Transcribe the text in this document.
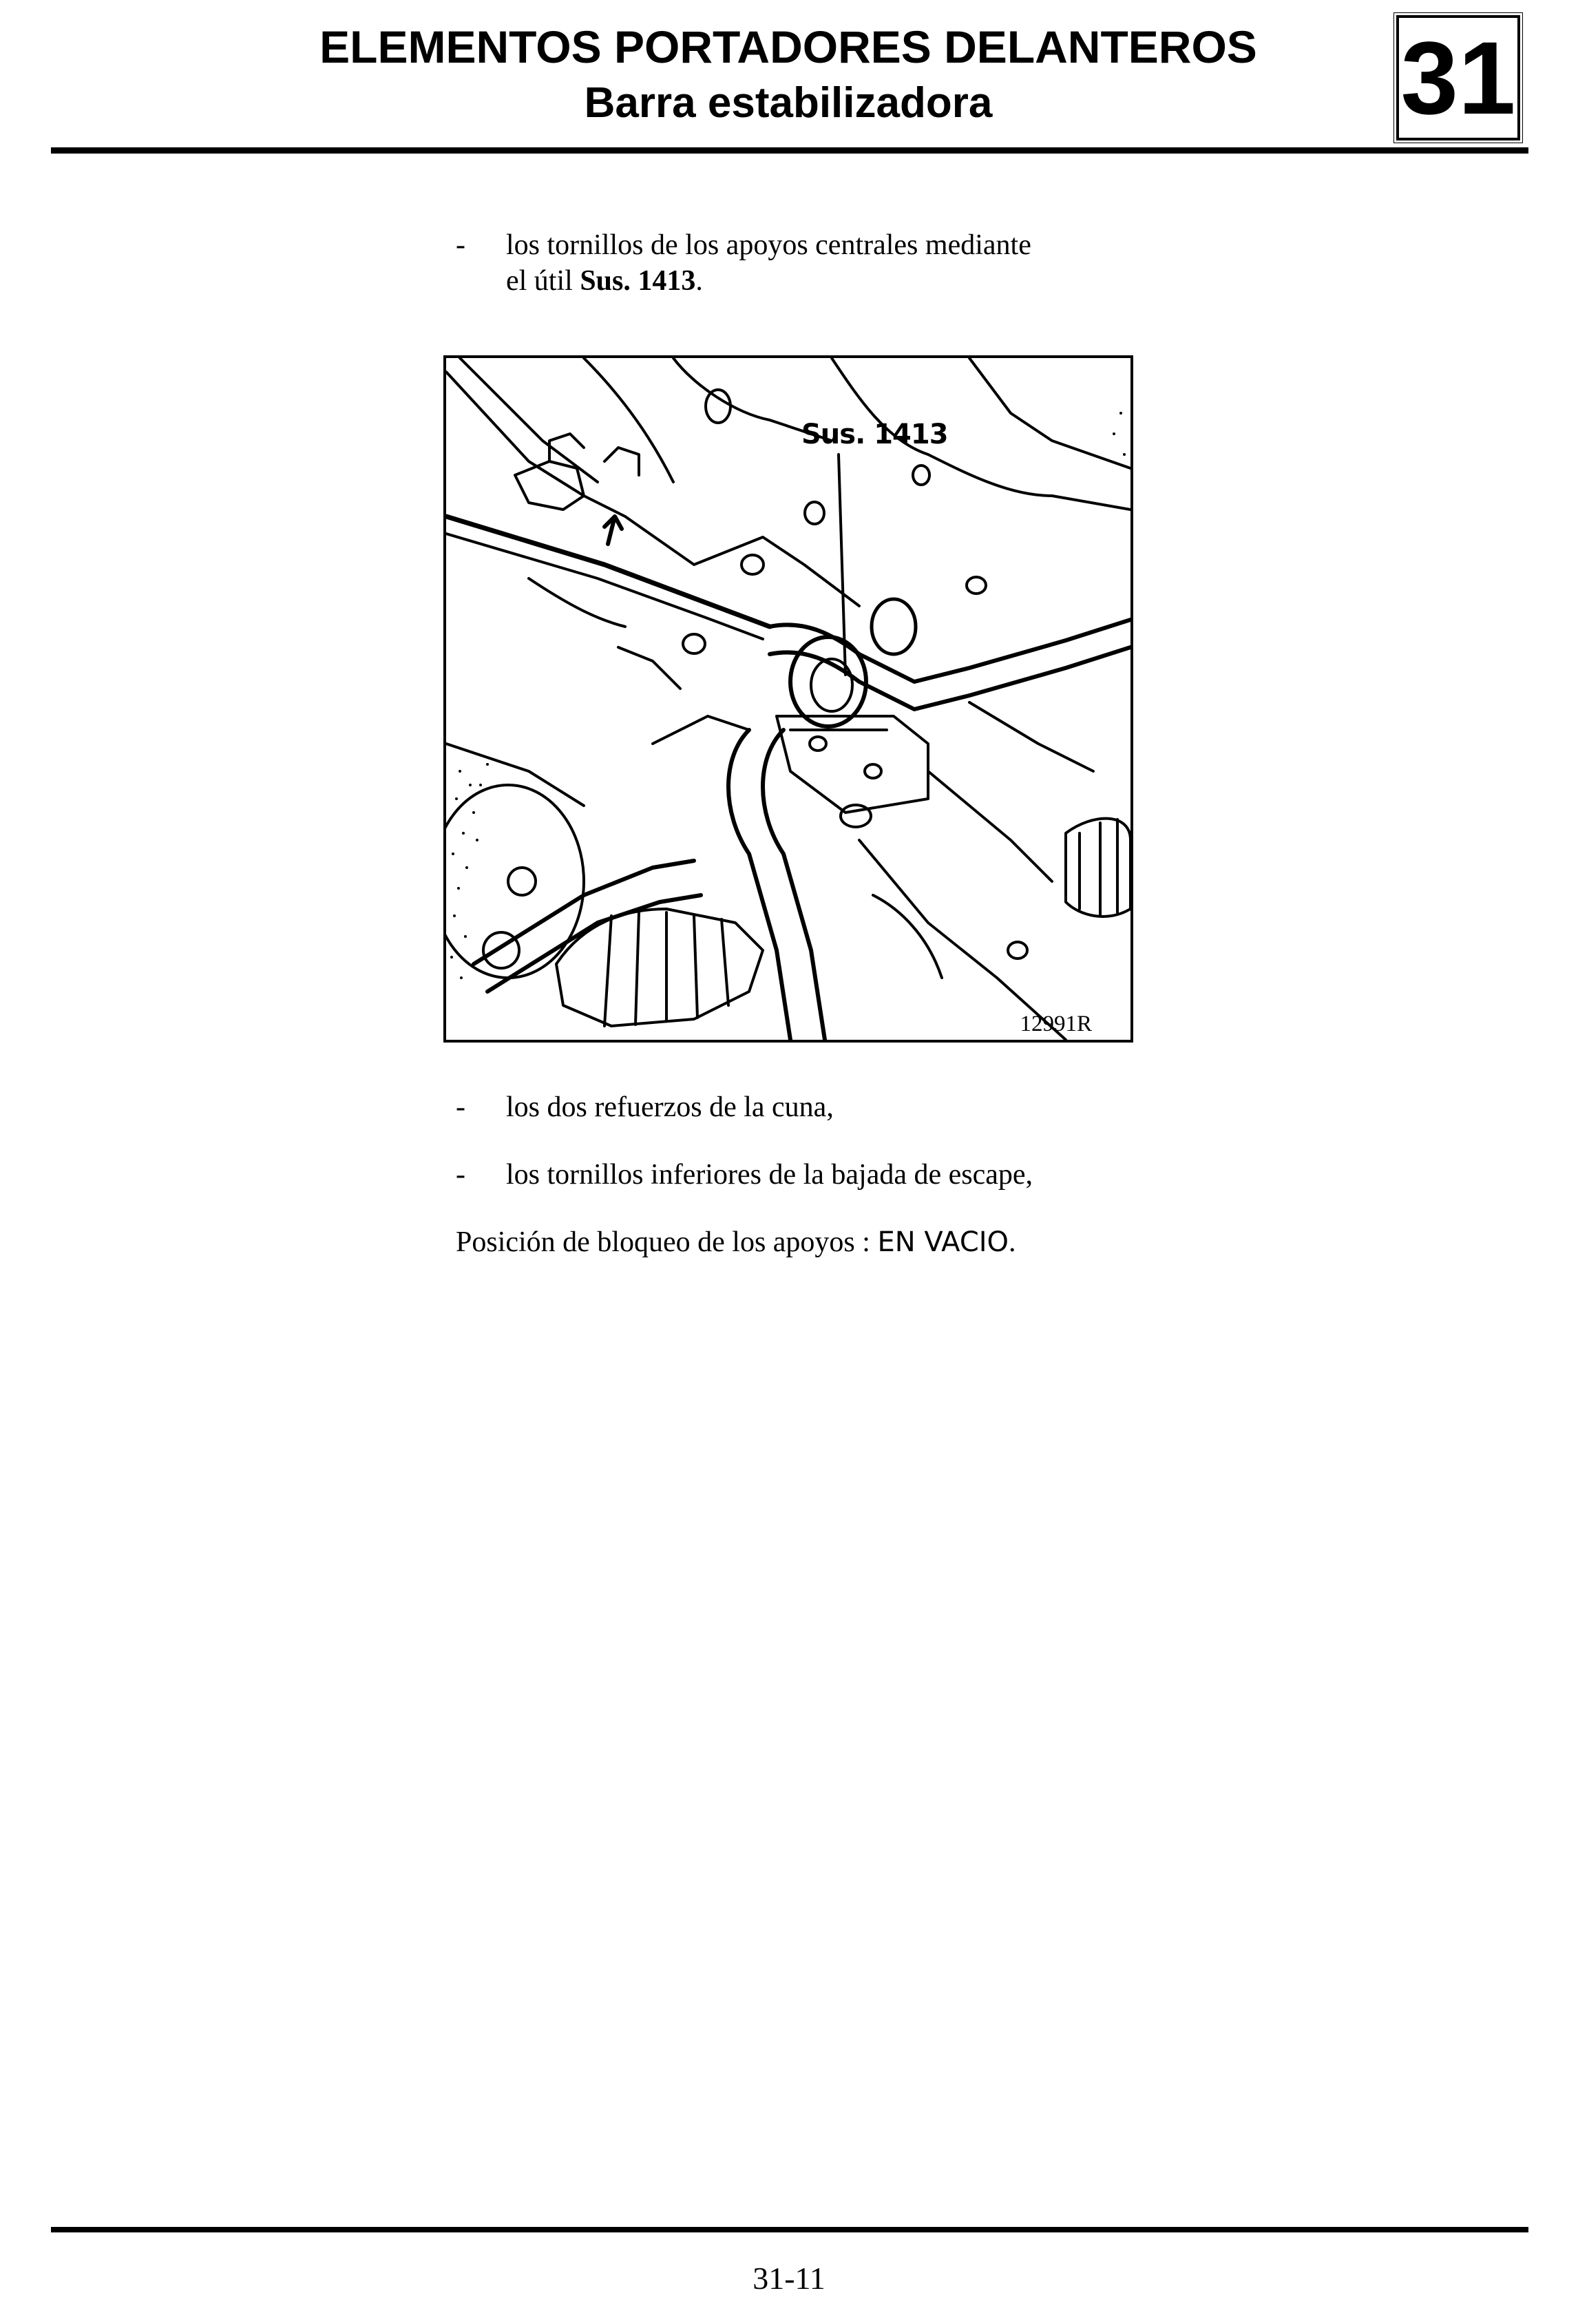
ELEMENTOS PORTADORES DELANTEROS
Barra estabilizadora	31
- los tornillos de los apoyos centrales mediante
el útil Sus. 1413.
Sus. 1413
12991R
- los dos refuerzos de la cuna,
- los tornillos inferiores de la bajada de escape,
Posición de bloqueo de los apoyos : EN VACIO.
31-11
